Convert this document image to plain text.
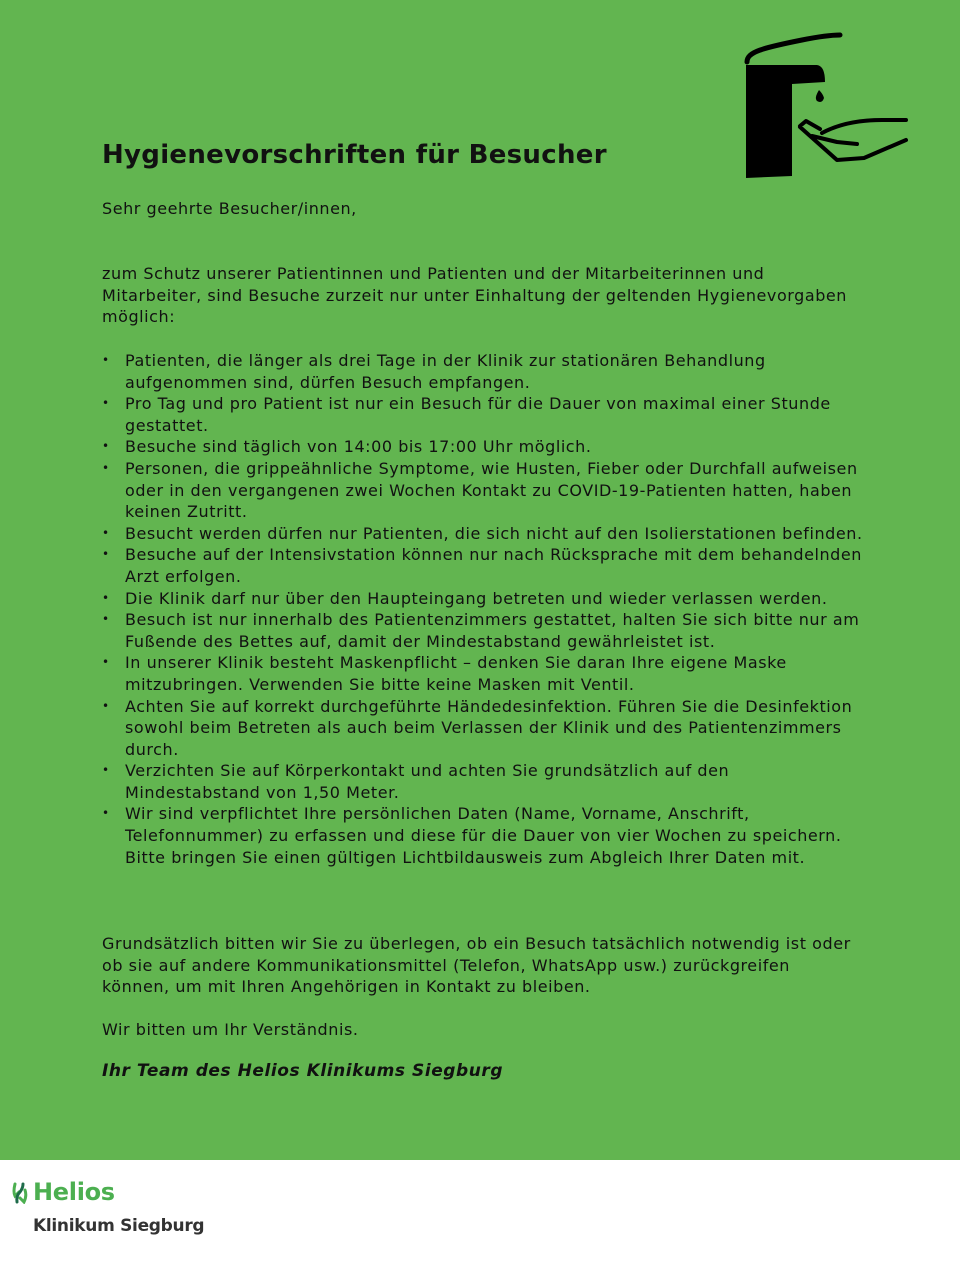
Hygienevorschriften für Besucher
Sehr geehrte Besucher/innen,
zum Schutz unserer Patientinnen und Patienten und der Mitarbeiterinnen und
Mitarbeiter, sind Besuche zurzeit nur unter Einhaltung der geltenden Hygienevorgaben
möglich:
• Patienten, die länger als drei Tage in der Klinik zur stationären Behandlung
aufgenommen sind, dürfen Besuch empfangen.
• Pro Tag und pro Patient ist nur ein Besuch für die Dauer von maximal einer Stunde
gestattet.
• Besuche sind täglich von 14:00 bis 17:00 Uhr möglich.
• Personen, die grippeähnliche Symptome, wie Husten, Fieber oder Durchfall aufweisen
oder in den vergangenen zwei Wochen Kontakt zu COVID-19-Patienten hatten, haben
keinen Zutritt.
• Besucht werden dürfen nur Patienten, die sich nicht auf den Isolierstationen befinden.
• Besuche auf der Intensivstation können nur nach Rücksprache mit dem behandelnden
Arzt erfolgen.
• Die Klinik darf nur über den Haupteingang betreten und wieder verlassen werden.
• Besuch ist nur innerhalb des Patientenzimmers gestattet, halten Sie sich bitte nur am
Fußende des Bettes auf, damit der Mindestabstand gewährleistet ist.
• In unserer Klinik besteht Maskenpflicht – denken Sie daran Ihre eigene Maske
mitzubringen. Verwenden Sie bitte keine Masken mit Ventil.
• Achten Sie auf korrekt durchgeführte Händedesinfektion. Führen Sie die Desinfektion
sowohl beim Betreten als auch beim Verlassen der Klinik und des Patientenzimmers
durch.
• Verzichten Sie auf Körperkontakt und achten Sie grundsätzlich auf den
Mindestabstand von 1,50 Meter.
• Wir sind verpflichtet Ihre persönlichen Daten (Name, Vorname, Anschrift,
Telefonnummer) zu erfassen und diese für die Dauer von vier Wochen zu speichern.
Bitte bringen Sie einen gültigen Lichtbildausweis zum Abgleich Ihrer Daten mit.
Grundsätzlich bitten wir Sie zu überlegen, ob ein Besuch tatsächlich notwendig ist oder
ob sie auf andere Kommunikationsmittel (Telefon, WhatsApp usw.) zurückgreifen
können, um mit Ihren Angehörigen in Kontakt zu bleiben.
Wir bitten um Ihr Verständnis.
Ihr Team des Helios Klinikums Siegburg
Helios
Klinikum Siegburg
